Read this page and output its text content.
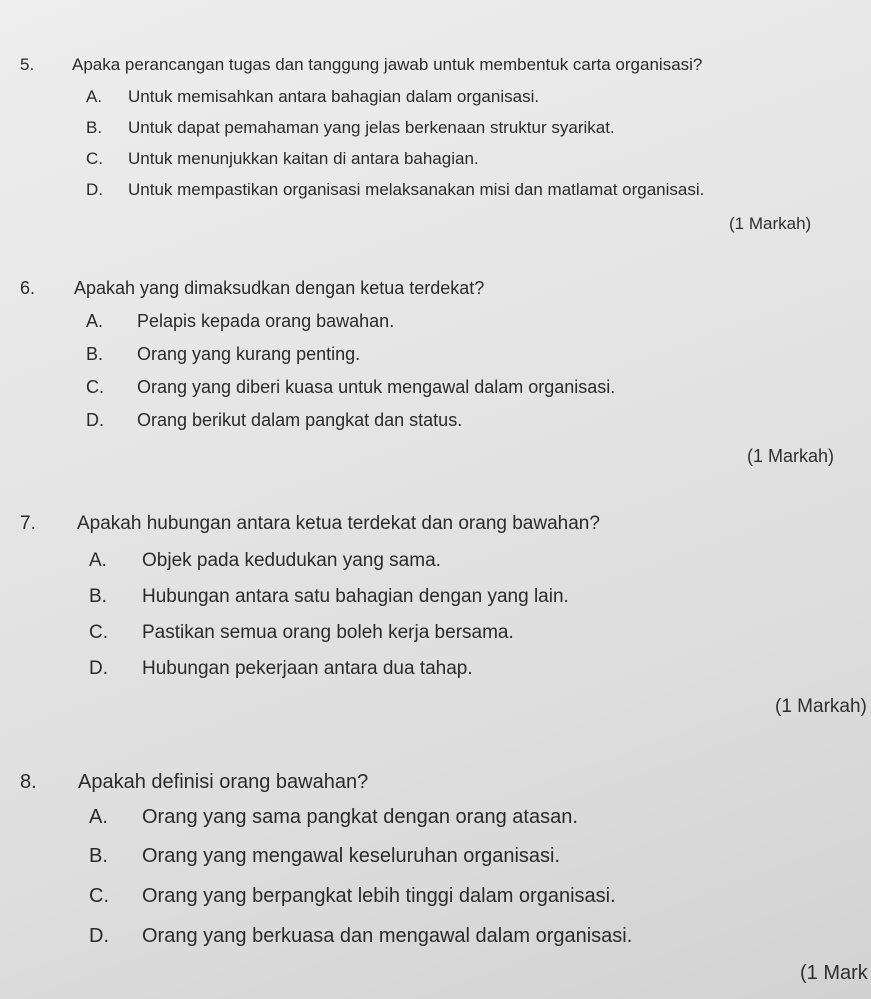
5. Apaka perancangan tugas dan tanggung jawab untuk membentuk carta organisasi?
A. Untuk memisahkan antara bahagian dalam organisasi.
B. Untuk dapat pemahaman yang jelas berkenaan struktur syarikat.
C. Untuk menunjukkan kaitan di antara bahagian.
D. Untuk mempastikan organisasi melaksanakan misi dan matlamat organisasi.
(1 Markah)
6. Apakah yang dimaksudkan dengan ketua terdekat?
A. Pelapis kepada orang bawahan.
B. Orang yang kurang penting.
C. Orang yang diberi kuasa untuk mengawal dalam organisasi.
D. Orang berikut dalam pangkat dan status.
(1 Markah)
7. Apakah hubungan antara ketua terdekat dan orang bawahan?
A. Objek pada kedudukan yang sama.
B. Hubungan antara satu bahagian dengan yang lain.
C. Pastikan semua orang boleh kerja bersama.
D. Hubungan pekerjaan antara dua tahap.
(1 Markah)
8. Apakah definisi orang bawahan?
A. Orang yang sama pangkat dengan orang atasan.
B. Orang yang mengawal keseluruhan organisasi.
C. Orang yang berpangkat lebih tinggi dalam organisasi.
D. Orang yang berkuasa dan mengawal dalam organisasi.
(1 Mark
